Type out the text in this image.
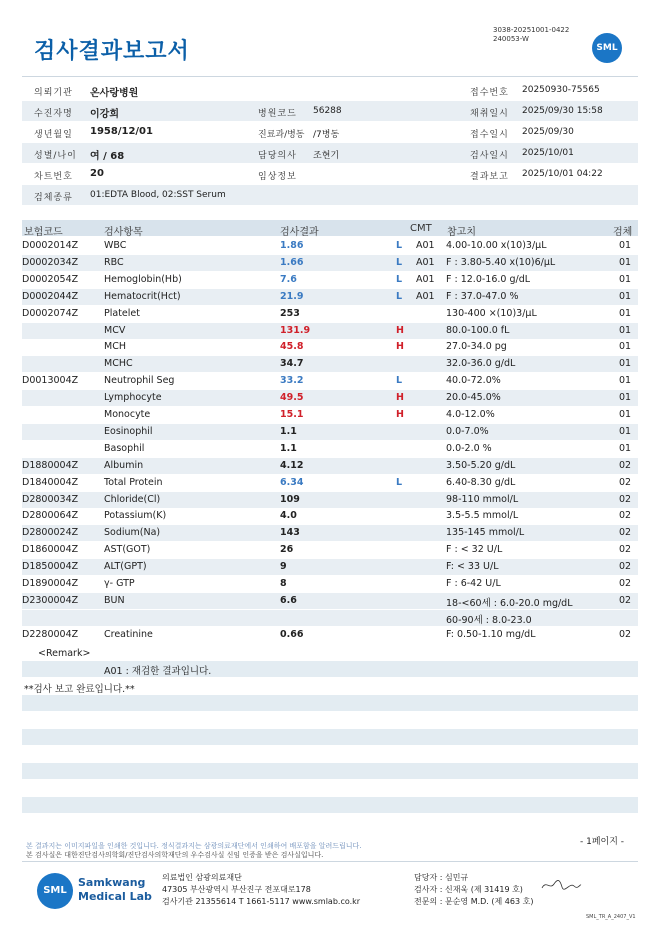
검사결과보고서
3038-20251001-0422
240053-W
SML
의뢰기관 온사랑병원	접수번호 20250930-75565
수진자명 이강희	병원코드 56288	채취일시 2025/09/30 15:58
생년월일 1958/12/01	진료과/병동 /7병동	접수일시 2025/09/30
성별/나이 여 / 68	담당의사 조현기	검사일시 2025/10/01
차트번호 20	임상정보	결과보고 2025/10/01 04:22
검체종류 01:EDTA Blood, 02:SST Serum
보험코드	검사항목	검사결과	CMT 참고치	검체
D0002014Z	WBC	1.86	L A01 4.00-10.00 x(10)3/μL	01
D0002034Z	RBC	1.66	L A01 F : 3.80-5.40 x(10)6/μL	01
D0002054Z	Hemoglobin(Hb)	7.6	L A01 F : 12.0-16.0 g/dL	01
D0002044Z	Hematocrit(Hct)	21.9	L A01 F : 37.0-47.0 %	01
D0002074Z	Platelet	253	130-400 ×(10)3/μL	01
MCV	131.9	H	80.0-100.0 fL	01
MCH	45.8	H	27.0-34.0 pg	01
MCHC	34.7	32.0-36.0 g/dL	01
D0013004Z	Neutrophil Seg	33.2	L	40.0-72.0%	01
Lymphocyte	49.5	H	20.0-45.0%	01
Monocyte	15.1	H	4.0-12.0%	01
Eosinophil	1.1	0.0-7.0%	01
Basophil	1.1	0.0-2.0 %	01
D1880004Z	Albumin	4.12	3.50-5.20 g/dL	02
D1840004Z	Total Protein	6.34	L	6.40-8.30 g/dL	02
D2800034Z	Chloride(Cl)	109	98-110 mmol/L	02
D2800064Z	Potassium(K)	4.0	3.5-5.5 mmol/L	02
D2800024Z	Sodium(Na)	143	135-145 mmol/L	02
D1860004Z	AST(GOT)	26	F : < 32 U/L	02
D1850004Z	ALT(GPT)	9	F: < 33 U/L	02
D1890004Z	γ- GTP	8	F : 6-42 U/L	02
D2300004Z	BUN	6.6	18-<60세 : 6.0-20.0 mg/dL	02
60-90세 : 8.0-23.0
D2280004Z	Creatinine	0.66	F: 0.50-1.10 mg/dL	02
<Remark>
A01 : 재검한 결과입니다.
**검사 보고 완료입니다.**
본 결과지는 이미지파일을 인쇄한 것입니다. 정식결과지는 삼광의료재단에서 인쇄하여 배포함을 알려드립니다.
본 검사실은 대한진단검사의학회/진단검사의학재단의 우수검사실 신임 인증을 받은 검사실입니다.
- 1페이지 -
SML
Samkwang
Medical Lab
의료법인 삼광의료재단
47305 부산광역시 부산진구 전포대로178
검사기관 21355614 T 1661-5117 www.smlab.co.kr
담당자 : 심민규
검사자 : 신재욱 (제 31419 호)
전문의 : 문순영 M.D. (제 463 호)
SML_TR_A_2407_V1
